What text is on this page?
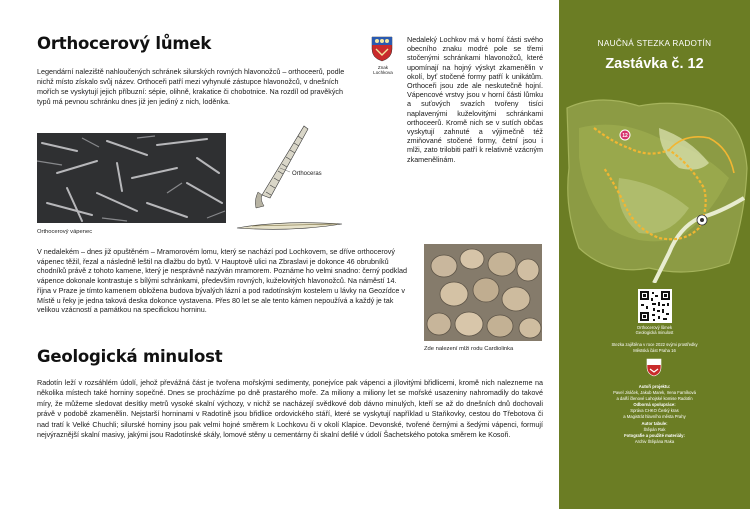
Orthocerový lůmek

Legendární naleziště nahloučených schránek silurských rovných hlavonožců – orthoceerů, podle nichž místo získalo svůj název. Orthoceři patří mezi vyhynulé zástupce hlavonožců, v dnešních mořích se vyskytují jejich příbuzní: sépie, olihně, krakatice či chobotnice. Na rozdíl od pravěkých typů má pevnou schránku dnes již jen jediný z nich, loděnka.

Orthocerový vápenec
Orthoceras
Znak Lochkova

Nedaleký Lochkov má v horní části svého obecního znaku modré pole se třemi stočenými schránkami hlavonožců, které upomínají na hojný výskyt zkamenělin v okolí, byť stočené formy patří k unikátům. Orthoceři jsou zde ale neskutečně hojní. Vápencové vrstvy jsou v horní části lůmku a suťových svazích tvořeny tisíci naplavenými kuželovitými schránkami orthoceerů. Kromě nich se v sutích občas vyskytují zahnuté a výjimečně též zmiňované stočené formy, četní jsou i mlži, zato trilobiti patří k relativně vzácným zkamenělinám.

V nedalekém – dnes již opuštěném – Mramorovém lomu, který se nachází pod Lochkovem, se dříve orthocerový vápenec těžil, řezal a následně leštil na dlažbu do bytů. V Hauptově ulici na Zbraslavi je dokonce 46 obrubníků chodníků právě z tohoto kamene, který je nesprávně nazýván mramorem. Poznáme ho velmi snadno: černý podklad vápence dokonale kontrastuje s bílými schránkami, především rovných, kuželovitých hlavonožců. Na náměstí 14. října v Praze je tímto kamenem obložena budova bývalých lázní a pod radotínským kostelem u lávky na Geozídce v Místě u řeky je jedna taková deska dokonce vystavena. Přes 80 let se ale tento kámen nepoužívá a každý je tak velikou vzácností a památkou na specifickou horninu.

Zde nalezení mlži rodu Cardiolinka
Geologická minulost

Radotín leží v rozsáhlém údolí, jehož převážná část je tvořena mořskými sedimenty, ponejvíce pak vápenci a jílovitými břidlicemi, kromě nich nalezneme na několika místech také horniny sopečné. Dnes se procházíme po dně prastarého moře. Za miliony a miliony let se mořské usazeniny nahromadily do takové míry, že můžeme sledovat desítky metrů vysoké skalní výchozy, v nichž se nacházejí svědkové dob dávno minulých, kteří se až do dnešních dnů dochovali právě v podobě zkamenělin. Nejstarší horninami v Radotíně jsou břidlice ordovického stáří, které se vyskytují například u Staňkovky, cestou do Třebotova či nad tratí k Velké Chuchli; silurské horniny jsou pak velmi hojné směrem k Lochkovu či v okolí Klapice. Devonské, tvořené černými a šedými vápenci, formují nejvýraznější skalní masivy, jakými jsou Radotínské skály, lomové stěny u cementárny či skalní defilé v údolí Šachetského potoka směrem ke Kosoři.

NAUČNÁ STEZKA RADOTÍN
Zastávka č. 12
12
Orthocerový lůmek
Geologická minulost
Stezka zajištěna v roce 2022 svými prostředky
Městská část Praha 16
Autoři projektu:
Pavel Jiráček, Jakub Marek, Irena Farníková
a další členové Lahojské komise Radotín
Odborná spolupráce:
Správa CHKO Český kras
a Magistrát hlavního města Prahy
Autor tabule:
Štěpán Rak
Fotografie a použité materiály:
Archiv Štěpána Raka
